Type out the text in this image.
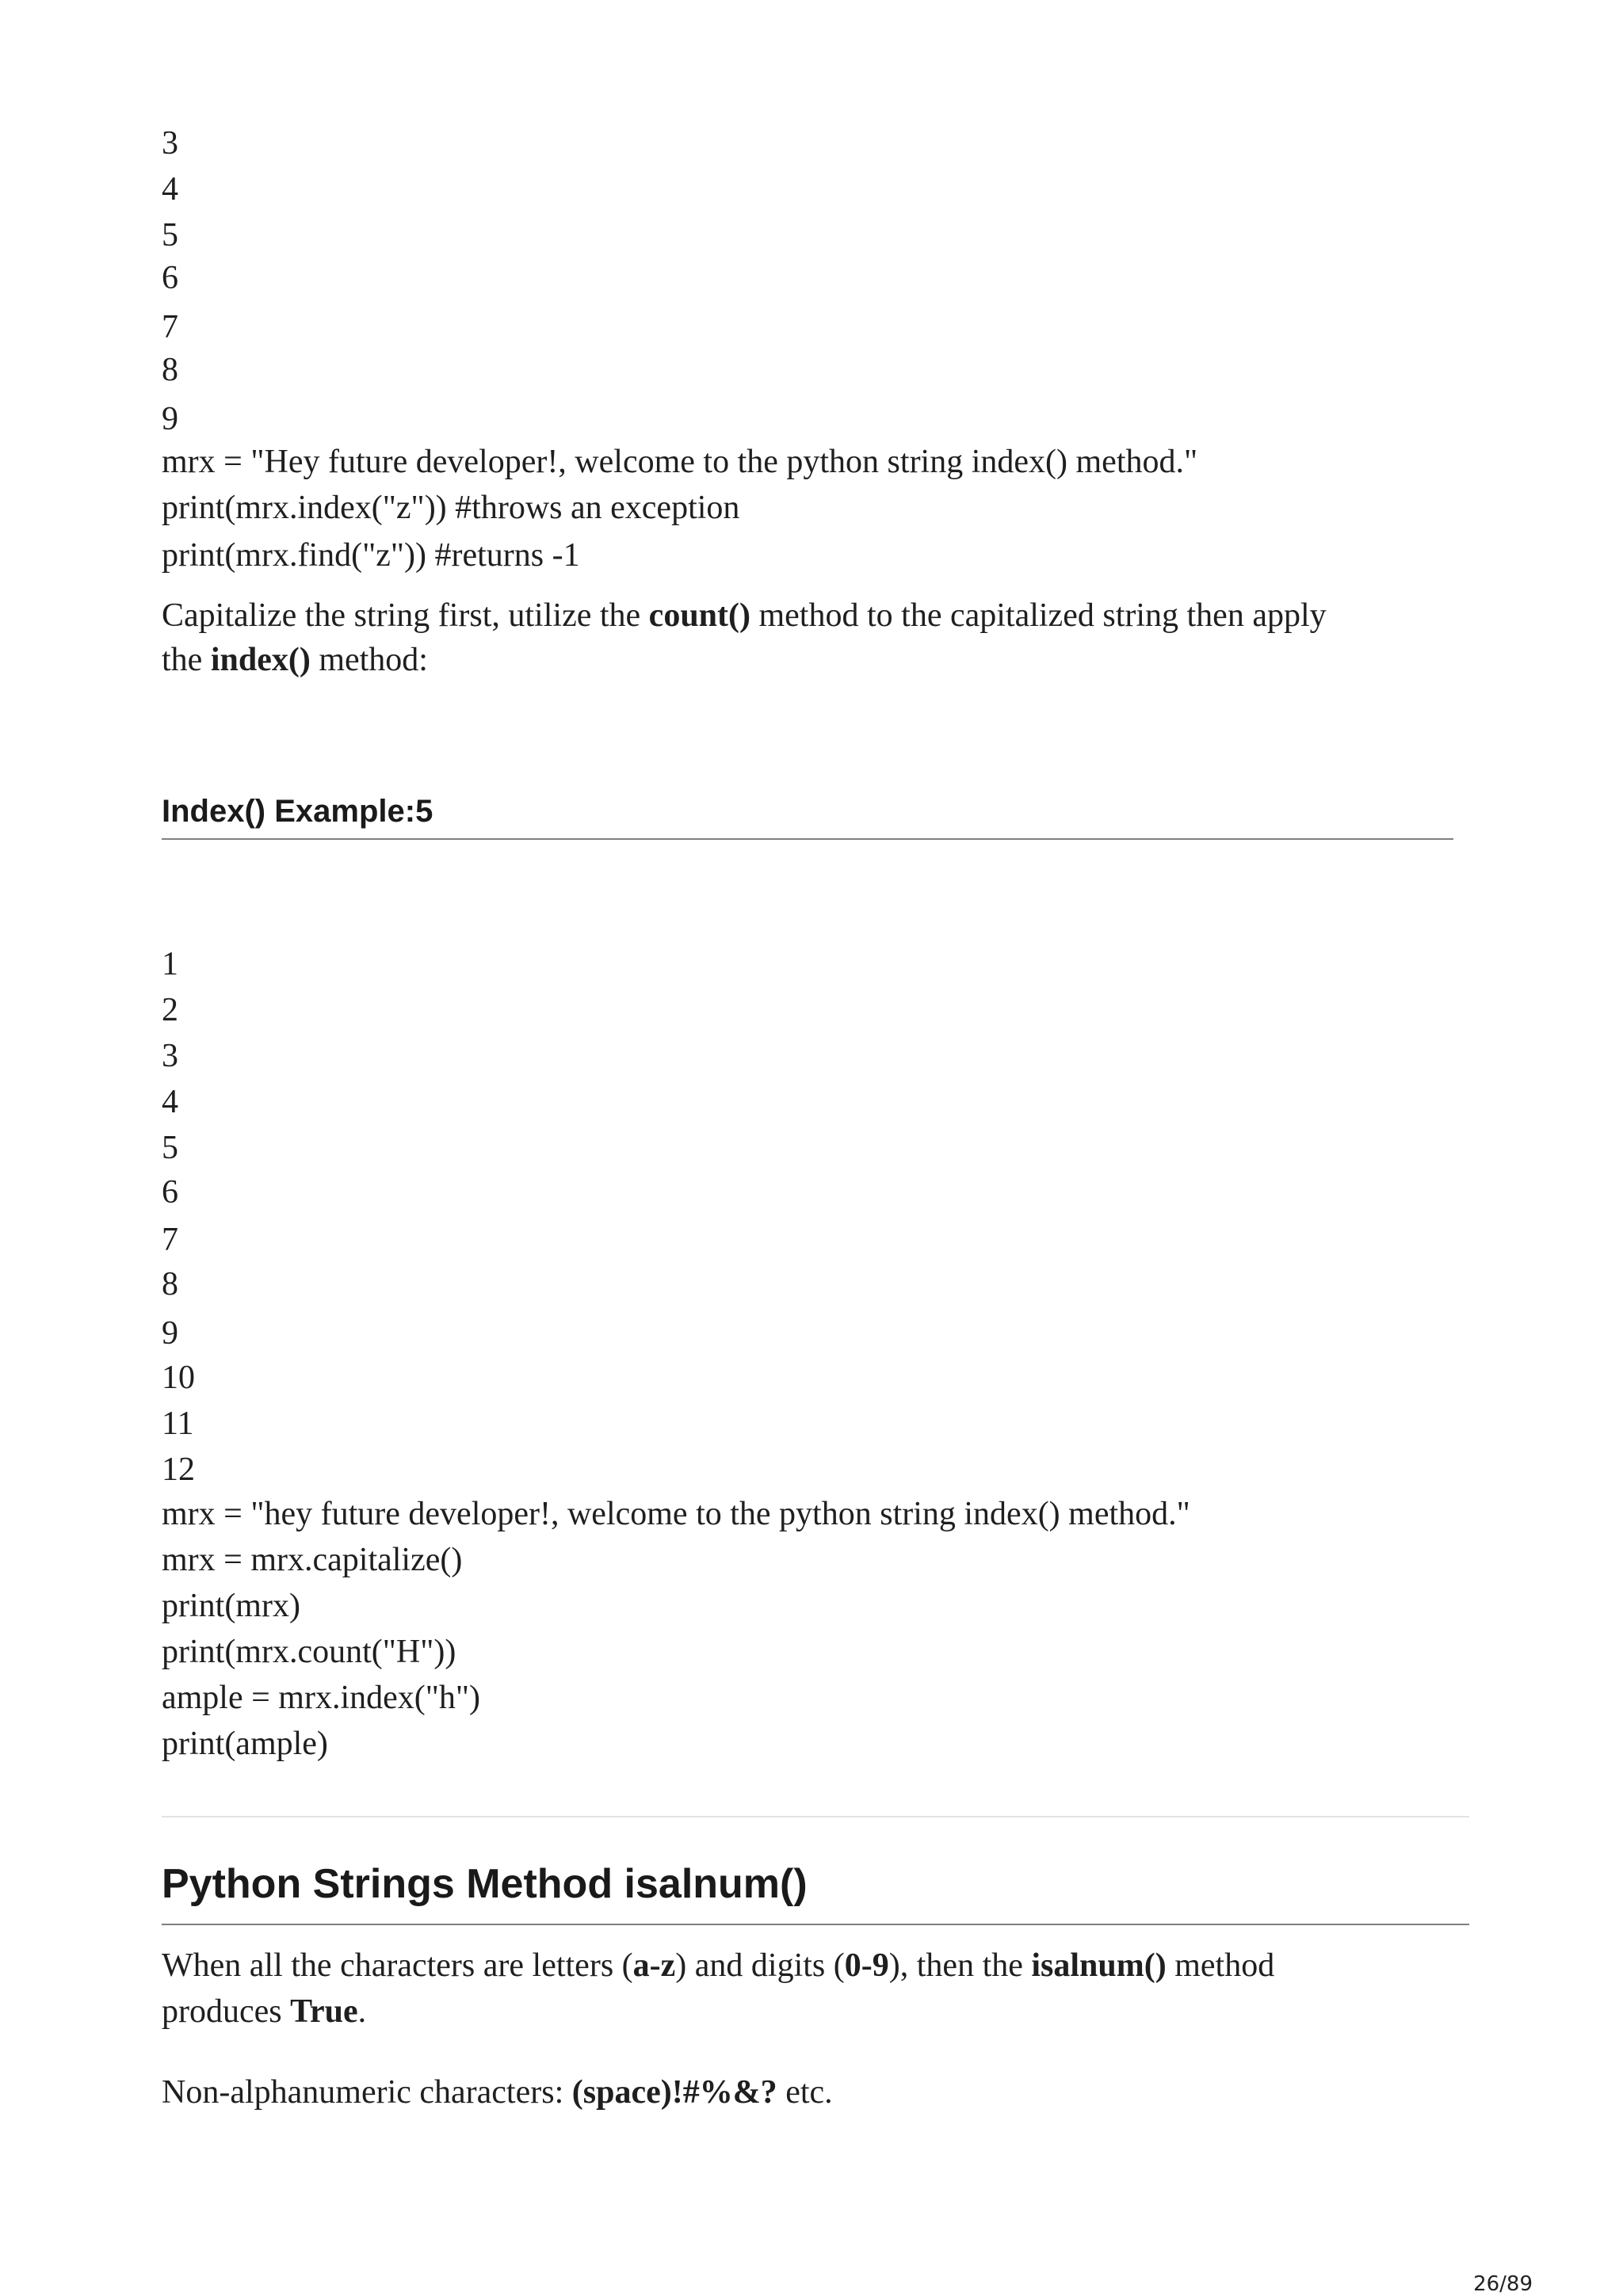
3
4
5
6
7
8
9
mrx = "Hey future developer!, welcome to the python string index() method."
print(mrx.index("z")) #throws an exception
print(mrx.find("z")) #returns -1
Capitalize the string first, utilize the count() method to the capitalized string then apply
the index() method:
Index() Example:5
1
2
3
4
5
6
7
8
9
10
11
12
mrx = "hey future developer!, welcome to the python string index() method."
mrx = mrx.capitalize()
print(mrx)
print(mrx.count("H"))
ample = mrx.index("h")
print(ample)
Python Strings Method isalnum()
When all the characters are letters (a-z) and digits (0-9), then the isalnum() method
produces True.
Non-alphanumeric characters: (space)!#%&? etc.
26/89
